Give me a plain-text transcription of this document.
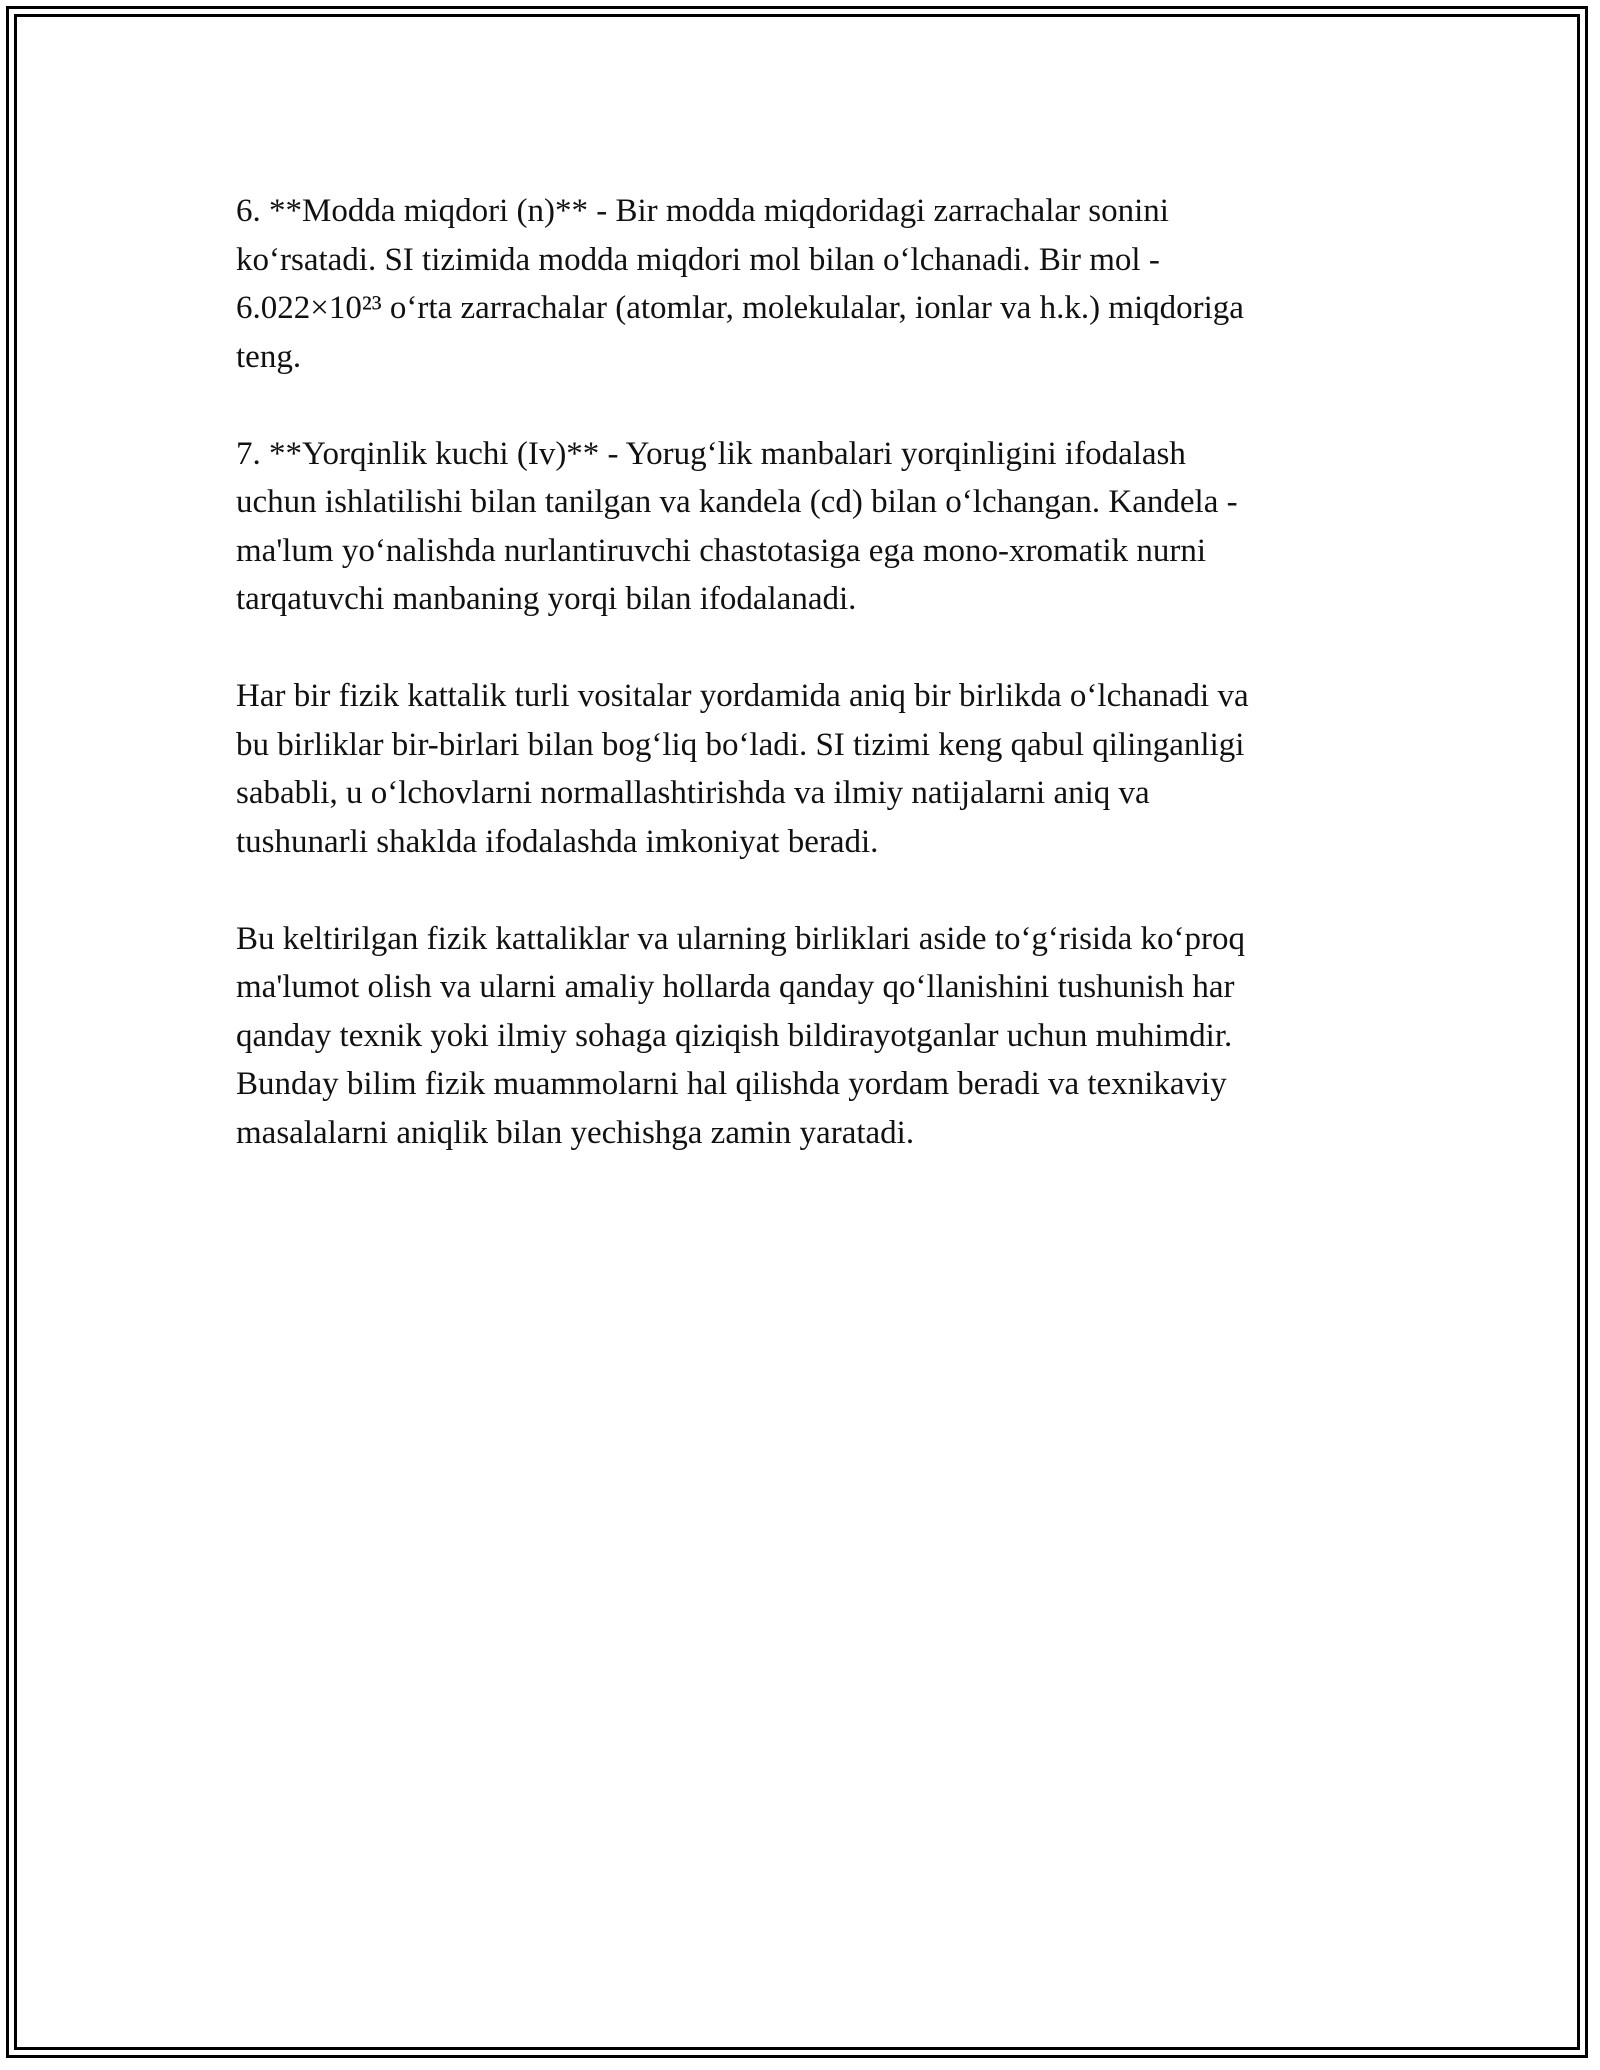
6. **Modda miqdori (n)** - Bir modda miqdoridagi zarrachalar sonini
ko‘rsatadi. SI tizimida modda miqdori mol bilan o‘lchanadi. Bir mol -
6.022×10²³ o‘rta zarrachalar (atomlar, molekulalar, ionlar va h.k.) miqdoriga
teng.

7. **Yorqinlik kuchi (Iv)** - Yorug‘lik manbalari yorqinligini ifodalash
uchun ishlatilishi bilan tanilgan va kandela (cd) bilan o‘lchangan. Kandela -
ma'lum yo‘nalishda nurlantiruvchi chastotasiga ega mono-xromatik nurni
tarqatuvchi manbaning yorqi bilan ifodalanadi.

Har bir fizik kattalik turli vositalar yordamida aniq bir birlikda o‘lchanadi va
bu birliklar bir-birlari bilan bog‘liq bo‘ladi. SI tizimi keng qabul qilinganligi
sababli, u o‘lchovlarni normallashtirishda va ilmiy natijalarni aniq va
tushunarli shaklda ifodalashda imkoniyat beradi.

Bu keltirilgan fizik kattaliklar va ularning birliklari aside to‘g‘risida ko‘proq
ma'lumot olish va ularni amaliy hollarda qanday qo‘llanishini tushunish har
qanday texnik yoki ilmiy sohaga qiziqish bildirayotganlar uchun muhimdir.
Bunday bilim fizik muammolarni hal qilishda yordam beradi va texnikaviy
masalalarni aniqlik bilan yechishga zamin yaratadi.
